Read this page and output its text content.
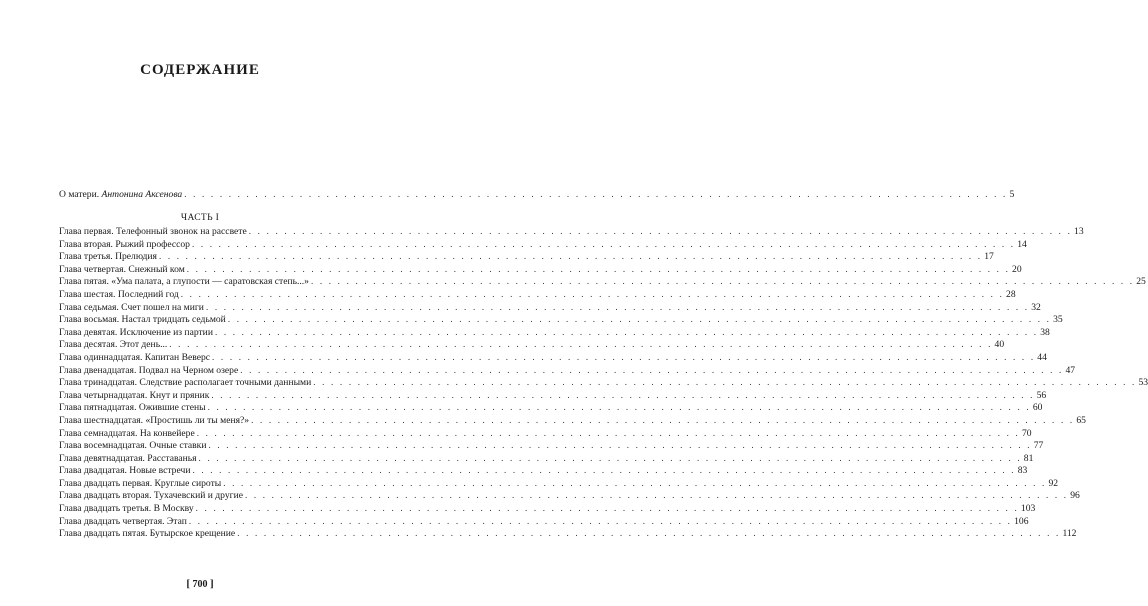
СОДЕРЖАНИЕ
О матери. Антонина Аксенова . . . . . . . . . . . . . . . . . . . . . . . . . . . . . . . . . . . . . . . . . . . . . . . . . . . . . . . . . . . . . . . . . . . . . . . . . . . . . . . . . . . . . . . . . . . . . 5
ЧАСТЬ I
Глава первая. Телефонный звонок на рассвете . . . . . . . . . . . . . . . . . . . . . . . . . . . . . . . . . . . . . . . . . . . . . . . . . . . . . . . . . . . . . . . . . . . . . . . . . . . . . . . . . . . . . . . . . . . . . 13
Глава вторая. Рыжий профессор . . . . . . . . . . . . . . . . . . . . . . . . . . . . . . . . . . . . . . . . . . . . . . . . . . . . . . . . . . . . . . . . . . . . . . . . . . . . . . . . . . . . . . . . . . . . . 14
Глава третья. Прелюдия . . . . . . . . . . . . . . . . . . . . . . . . . . . . . . . . . . . . . . . . . . . . . . . . . . . . . . . . . . . . . . . . . . . . . . . . . . . . . . . . . . . . . . . . . . . . . 17
Глава четвертая. Снежный ком . . . . . . . . . . . . . . . . . . . . . . . . . . . . . . . . . . . . . . . . . . . . . . . . . . . . . . . . . . . . . . . . . . . . . . . . . . . . . . . . . . . . . . . . . . . . . 20
Глава пятая. «Ума палата, а глупости — саратовская степь...» . . . . . . . . . . . . . . . . . . . . . . . . . . . . . . . . . . . . . . . . . . . . . . . . . . . . . . . . . . . . . . . . . . . . . . . . . . . . . . . . . . . . . . . . . . . . . 25
Глава шестая. Последний год . . . . . . . . . . . . . . . . . . . . . . . . . . . . . . . . . . . . . . . . . . . . . . . . . . . . . . . . . . . . . . . . . . . . . . . . . . . . . . . . . . . . . . . . . . . . . 28
Глава седьмая. Счет пошел на миги . . . . . . . . . . . . . . . . . . . . . . . . . . . . . . . . . . . . . . . . . . . . . . . . . . . . . . . . . . . . . . . . . . . . . . . . . . . . . . . . . . . . . . . . . . . . . 32
Глава восьмая. Настал тридцать седьмой . . . . . . . . . . . . . . . . . . . . . . . . . . . . . . . . . . . . . . . . . . . . . . . . . . . . . . . . . . . . . . . . . . . . . . . . . . . . . . . . . . . . . . . . . . . . . 35
Глава девятая. Исключение из партии . . . . . . . . . . . . . . . . . . . . . . . . . . . . . . . . . . . . . . . . . . . . . . . . . . . . . . . . . . . . . . . . . . . . . . . . . . . . . . . . . . . . . . . . . . . . . 38
Глава десятая. Этот день... . . . . . . . . . . . . . . . . . . . . . . . . . . . . . . . . . . . . . . . . . . . . . . . . . . . . . . . . . . . . . . . . . . . . . . . . . . . . . . . . . . . . . . . . . . . . . 40
Глава одиннадцатая. Капитан Веверс . . . . . . . . . . . . . . . . . . . . . . . . . . . . . . . . . . . . . . . . . . . . . . . . . . . . . . . . . . . . . . . . . . . . . . . . . . . . . . . . . . . . . . . . . . . . . 44
Глава двенадцатая. Подвал на Черном озере . . . . . . . . . . . . . . . . . . . . . . . . . . . . . . . . . . . . . . . . . . . . . . . . . . . . . . . . . . . . . . . . . . . . . . . . . . . . . . . . . . . . . . . . . . . . . 47
Глава тринадцатая. Следствие располагает точными данными . . . . . . . . . . . . . . . . . . . . . . . . . . . . . . . . . . . . . . . . . . . . . . . . . . . . . . . . . . . . . . . . . . . . . . . . . . . . . . . . . . . . . . . . . . . . . 53
Глава четырнадцатая. Кнут и пряник . . . . . . . . . . . . . . . . . . . . . . . . . . . . . . . . . . . . . . . . . . . . . . . . . . . . . . . . . . . . . . . . . . . . . . . . . . . . . . . . . . . . . . . . . . . . . 56
Глава пятнадцатая. Ожившие стены . . . . . . . . . . . . . . . . . . . . . . . . . . . . . . . . . . . . . . . . . . . . . . . . . . . . . . . . . . . . . . . . . . . . . . . . . . . . . . . . . . . . . . . . . . . . . 60
Глава шестнадцатая. «Простишь ли ты меня?» . . . . . . . . . . . . . . . . . . . . . . . . . . . . . . . . . . . . . . . . . . . . . . . . . . . . . . . . . . . . . . . . . . . . . . . . . . . . . . . . . . . . . . . . . . . . . 65
Глава семнадцатая. На конвейере . . . . . . . . . . . . . . . . . . . . . . . . . . . . . . . . . . . . . . . . . . . . . . . . . . . . . . . . . . . . . . . . . . . . . . . . . . . . . . . . . . . . . . . . . . . . . 70
Глава восемнадцатая. Очные ставки . . . . . . . . . . . . . . . . . . . . . . . . . . . . . . . . . . . . . . . . . . . . . . . . . . . . . . . . . . . . . . . . . . . . . . . . . . . . . . . . . . . . . . . . . . . . . 77
Глава девятнадцатая. Расставанья . . . . . . . . . . . . . . . . . . . . . . . . . . . . . . . . . . . . . . . . . . . . . . . . . . . . . . . . . . . . . . . . . . . . . . . . . . . . . . . . . . . . . . . . . . . . . 81
Глава двадцатая. Новые встречи . . . . . . . . . . . . . . . . . . . . . . . . . . . . . . . . . . . . . . . . . . . . . . . . . . . . . . . . . . . . . . . . . . . . . . . . . . . . . . . . . . . . . . . . . . . . . 83
Глава двадцать первая. Круглые сироты . . . . . . . . . . . . . . . . . . . . . . . . . . . . . . . . . . . . . . . . . . . . . . . . . . . . . . . . . . . . . . . . . . . . . . . . . . . . . . . . . . . . . . . . . . . . . 92
Глава двадцать вторая. Тухачевский и другие . . . . . . . . . . . . . . . . . . . . . . . . . . . . . . . . . . . . . . . . . . . . . . . . . . . . . . . . . . . . . . . . . . . . . . . . . . . . . . . . . . . . . . . . . . . . . 96
Глава двадцать третья. В Москву . . . . . . . . . . . . . . . . . . . . . . . . . . . . . . . . . . . . . . . . . . . . . . . . . . . . . . . . . . . . . . . . . . . . . . . . . . . . . . . . . . . . . . . . . . . . . 103
Глава двадцать четвертая. Этап . . . . . . . . . . . . . . . . . . . . . . . . . . . . . . . . . . . . . . . . . . . . . . . . . . . . . . . . . . . . . . . . . . . . . . . . . . . . . . . . . . . . . . . . . . . . . 106
Глава двадцать пятая. Бутырское крещение . . . . . . . . . . . . . . . . . . . . . . . . . . . . . . . . . . . . . . . . . . . . . . . . . . . . . . . . . . . . . . . . . . . . . . . . . . . . . . . . . . . . . . . . . . . . . 112
[ 700 ]
